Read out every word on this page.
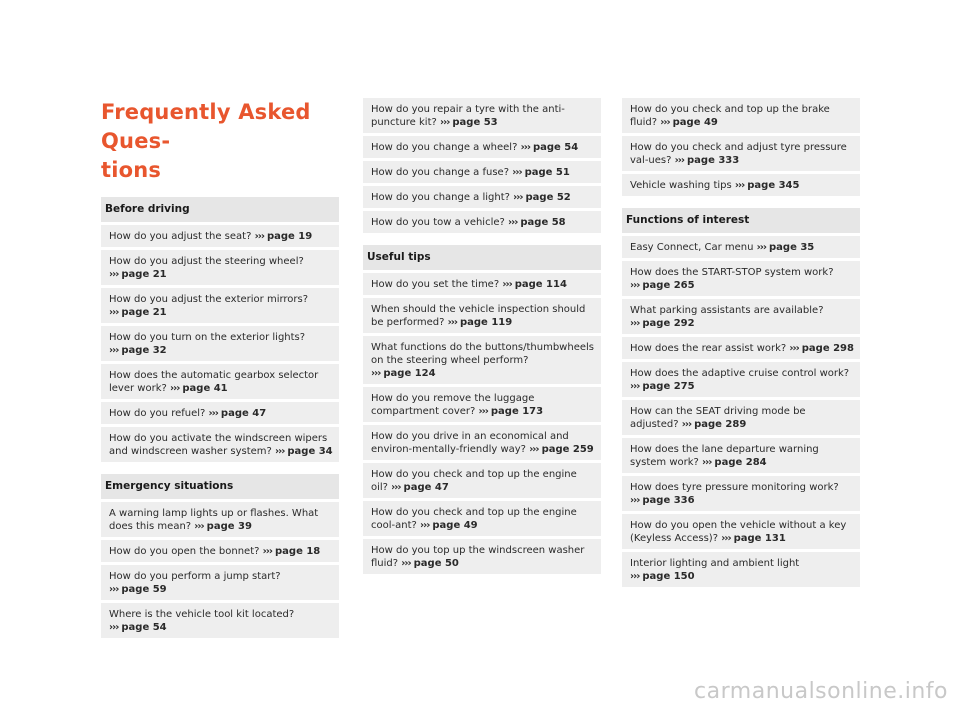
Frequently Asked Ques-
tions
Before driving
How do you adjust the seat? ››› page 19
How do you adjust the steering wheel? ››› page 21
How do you adjust the exterior mirrors? ››› page 21
How do you turn on the exterior lights? ››› page 32
How does the automatic gearbox selector lever work? ››› page 41
How do you refuel? ››› page 47
How do you activate the windscreen wipers and windscreen washer system? ››› page 34
Emergency situations
A warning lamp lights up or flashes. What does this mean? ››› page 39
How do you open the bonnet? ››› page 18
How do you perform a jump start? ››› page 59
Where is the vehicle tool kit located? ››› page 54
How do you repair a tyre with the anti-puncture kit? ››› page 53
How do you change a wheel? ››› page 54
How do you change a fuse? ››› page 51
How do you change a light? ››› page 52
How do you tow a vehicle? ››› page 58
Useful tips
How do you set the time? ››› page 114
When should the vehicle inspection should be performed? ››› page 119
What functions do the buttons/thumbwheels on the steering wheel perform? ››› page 124
How do you remove the luggage compartment cover? ››› page 173
How do you drive in an economical and environ-mentally-friendly way? ››› page 259
How do you check and top up the engine oil? ››› page 47
How do you check and top up the engine cool-ant? ››› page 49
How do you top up the windscreen washer fluid? ››› page 50
How do you check and top up the brake fluid? ››› page 49
How do you check and adjust tyre pressure val-ues? ››› page 333
Vehicle washing tips ››› page 345
Functions of interest
Easy Connect, Car menu ››› page 35
How does the START-STOP system work? ››› page 265
What parking assistants are available? ››› page 292
How does the rear assist work? ››› page 298
How does the adaptive cruise control work? ››› page 275
How can the SEAT driving mode be adjusted? ››› page 289
How does the lane departure warning system work? ››› page 284
How does tyre pressure monitoring work? ››› page 336
How do you open the vehicle without a key (Keyless Access)? ››› page 131
Interior lighting and ambient light ››› page 150
carmanualsonline.info
